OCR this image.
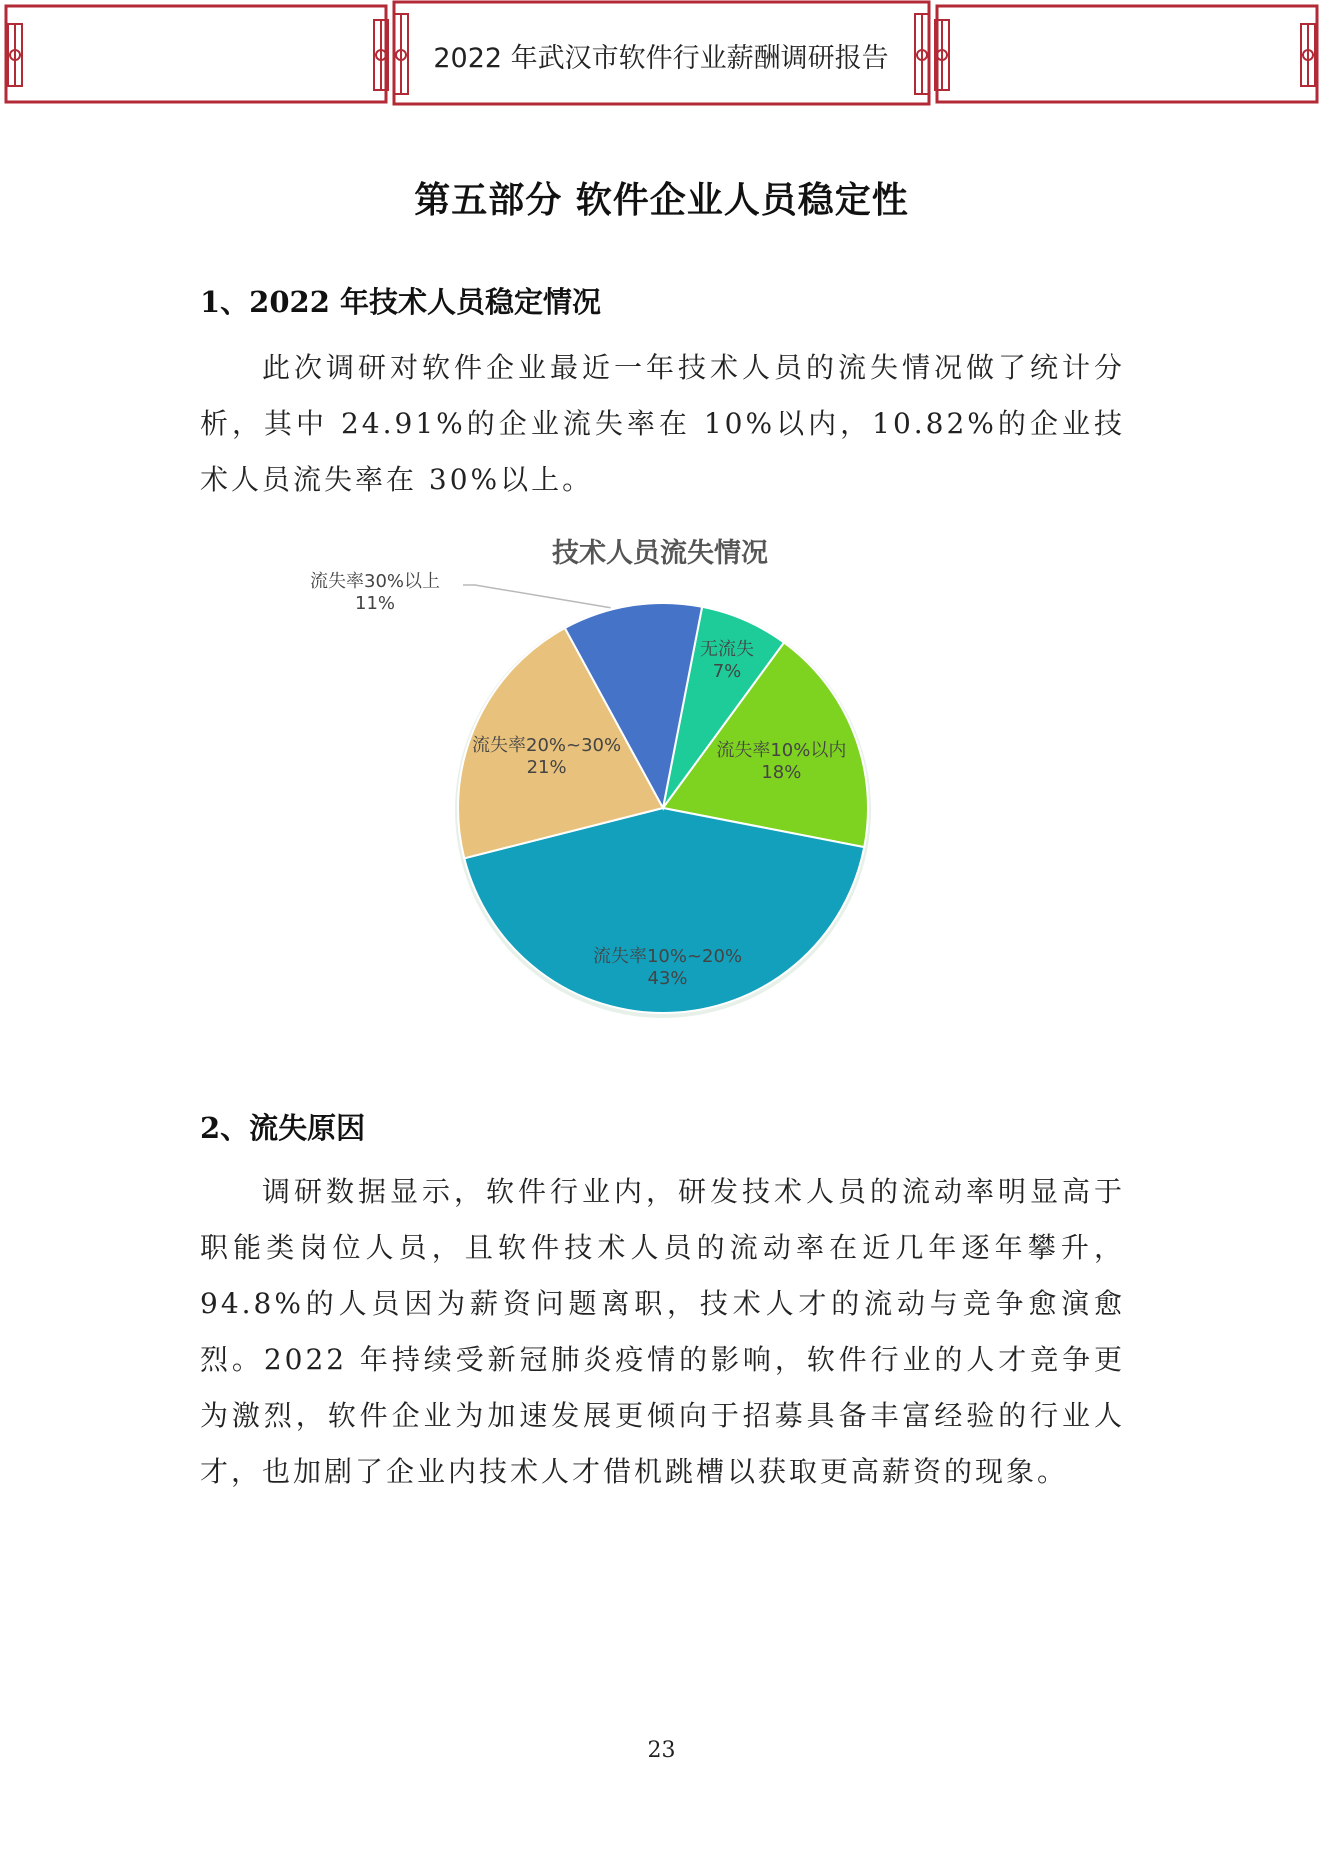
2022 年武汉市软件行业薪酬调研报告
第五部分 软件企业人员稳定性
1、2022 年技术人员稳定情况
此次调研对软件企业最近一年技术人员的流失情况做了统计分析，其中 24.91%的企业流失率在 10%以内，10.82%的企业技术人员流失率在 30%以上。
技术人员流失情况
无流失
7%
流失率10%以内
18%
流失率10%~20%
43%
流失率20%~30%
21%
流失率30%以上
11%
2、流失原因
调研数据显示，软件行业内，研发技术人员的流动率明显高于职能类岗位人员，且软件技术人员的流动率在近几年逐年攀升，94.8%的人员因为薪资问题离职，技术人才的流动与竞争愈演愈烈。2022 年持续受新冠肺炎疫情的影响，软件行业的人才竞争更为激烈，软件企业为加速发展更倾向于招募具备丰富经验的行业人才，也加剧了企业内技术人才借机跳槽以获取更高薪资的现象。
23
